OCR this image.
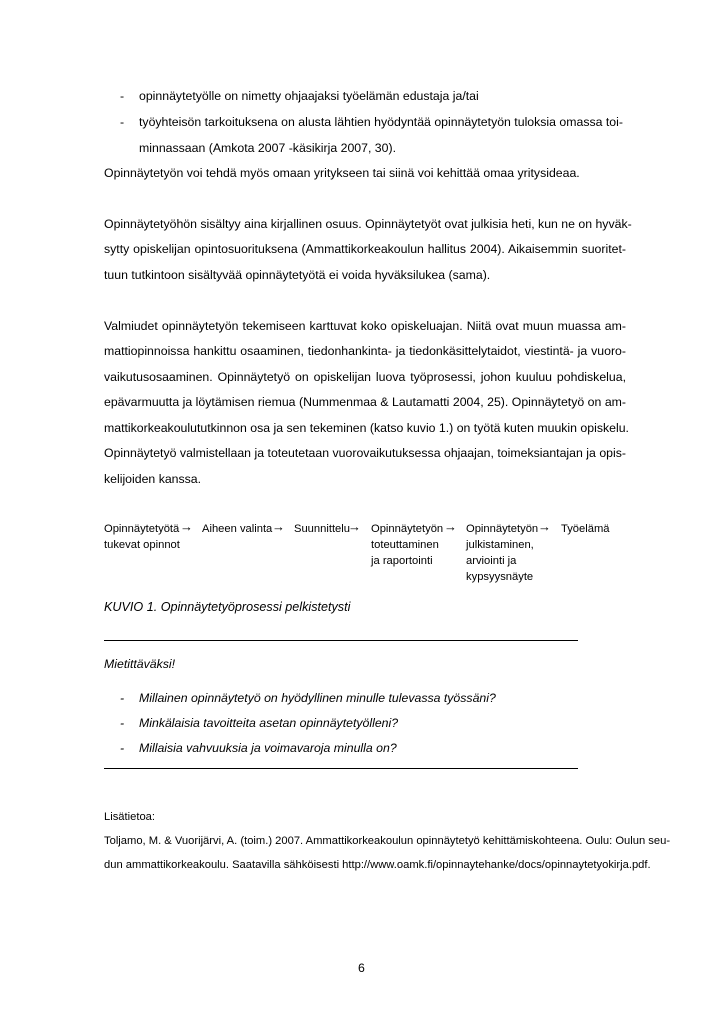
- opinnäytetyölle on nimetty ohjaajaksi työelämän edustaja ja/tai
- työyhteisön tarkoituksena on alusta lähtien hyödyntää opinnäytetyön tuloksia omassa toi-
minnassaan (Amkota 2007 -käsikirja 2007, 30).
Opinnäytetyön voi tehdä myös omaan yritykseen tai siinä voi kehittää omaa yritysideaa.
Opinnäytetyöhön sisältyy aina kirjallinen osuus. Opinnäytetyöt ovat julkisia heti, kun ne on hyväk-
sytty opiskelijan opintosuorituksena (Ammattikorkeakoulun hallitus 2004). Aikaisemmin suoritet-
tuun tutkintoon sisältyvää opinnäytetyötä ei voida hyväksilukea (sama).
Valmiudet opinnäytetyön tekemiseen karttuvat koko opiskeluajan. Niitä ovat muun muassa am-
mattiopinnoissa hankittu osaaminen, tiedonhankinta- ja tiedonkäsittelytaidot, viestintä- ja vuoro-
vaikutusosaaminen. Opinnäytetyö on opiskelijan luova työprosessi, johon kuuluu pohdiskelua,
epävarmuutta ja löytämisen riemua (Nummenmaa & Lautamatti 2004, 25). Opinnäytetyö on am-
mattikorkeakoulututkinnon osa ja sen tekeminen (katso kuvio 1.) on työtä kuten muukin opiskelu.
Opinnäytetyö valmistellaan ja toteutetaan vuorovaikutuksessa ohjaajan, toimeksiantajan ja opis-
kelijoiden kanssa.
Opinnäytetyötä
tukevat opinnot
→ Aiheen valinta → Suunnittelu
→ Opinnäytetyön
toteuttaminen
ja raportointi
→ Opinnäytetyön
julkistaminen,
arviointi ja
kypsyysnäyte
→ Työelämä
KUVIO 1. Opinnäytetyöprosessi pelkistetysti
Mietittäväksi!
- Millainen opinnäytetyö on hyödyllinen minulle tulevassa työssäni?
- Minkälaisia tavoitteita asetan opinnäytetyölleni?
- Millaisia vahvuuksia ja voimavaroja minulla on?
Lisätietoa:
Toljamo, M. & Vuorijärvi, A. (toim.) 2007. Ammattikorkeakoulun opinnäytetyö kehittämiskohteena. Oulu: Oulun seu-
dun ammattikorkeakoulu. Saatavilla sähköisesti http://www.oamk.fi/opinnaytehanke/docs/opinnaytetyokirja.pdf.
6
